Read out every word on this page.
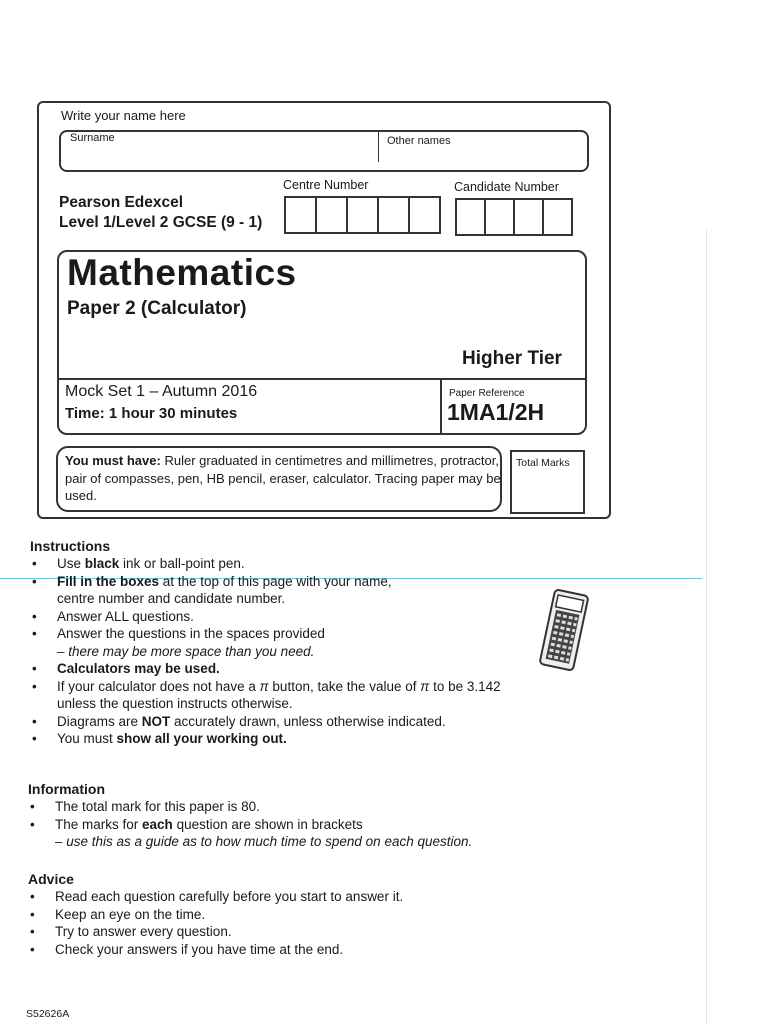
Write your name here
Surname	Other names
Centre Number	Candidate Number
Pearson Edexcel
Level 1/Level 2 GCSE (9 - 1)
Mathematics
Paper 2 (Calculator)
Higher Tier
Mock Set 1 – Autumn 2016
Time: 1 hour 30 minutes
Paper Reference
1MA1/2H
You must have: Ruler graduated in centimetres and millimetres, protractor, pair of compasses, pen, HB pencil, eraser, calculator. Tracing paper may be used.
Total Marks
Instructions
• Use black ink or ball-point pen.
• Fill in the boxes at the top of this page with your name,
centre number and candidate number.
• Answer ALL questions.
• Answer the questions in the spaces provided
– there may be more space than you need.
• Calculators may be used.
• If your calculator does not have a π button, take the value of π to be 3.142
unless the question instructs otherwise.
• Diagrams are NOT accurately drawn, unless otherwise indicated.
• You must show all your working out.
Information
• The total mark for this paper is 80.
• The marks for each question are shown in brackets
– use this as a guide as to how much time to spend on each question.
Advice
• Read each question carefully before you start to answer it.
• Keep an eye on the time.
• Try to answer every question.
• Check your answers if you have time at the end.
S52626A
